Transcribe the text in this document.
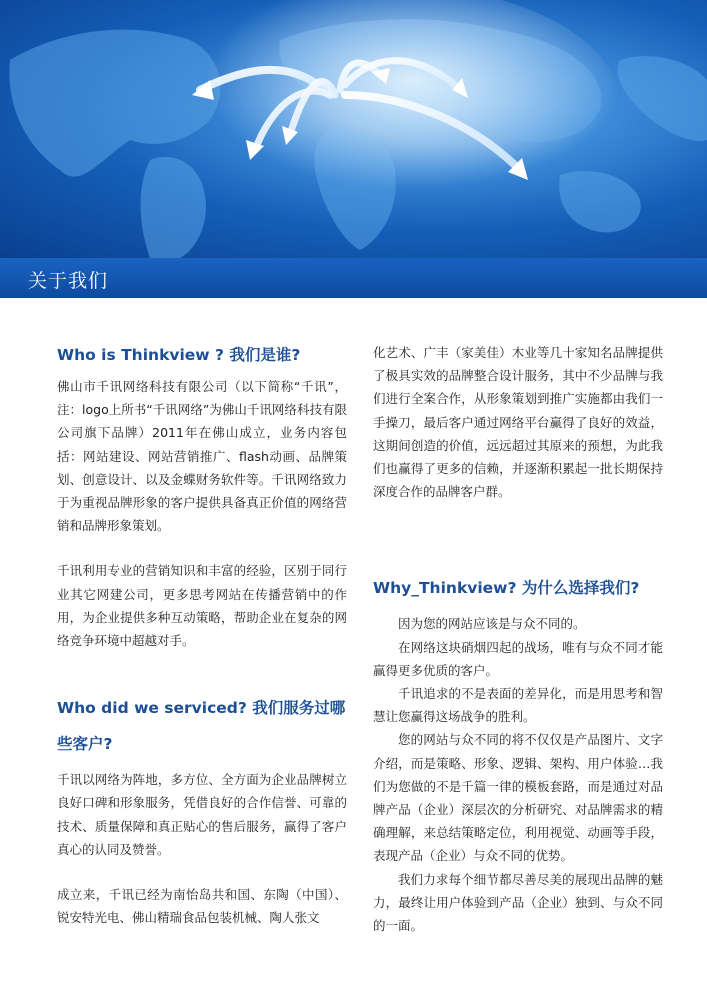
关于我们
Who is Thinkview ? 我们是谁?

佛山市千讯网络科技有限公司（以下简称“千讯”，注：logo上所书“千讯网络”为佛山千讯网络科技有限公司旗下品牌）2011年在佛山成立，业务内容包括：网站建设、网站营销推广、flash动画、品牌策划、创意设计、以及金蝶财务软件等。千讯网络致力于为重视品牌形象的客户提供具备真正价值的网络营销和品牌形象策划。

千讯利用专业的营销知识和丰富的经验，区别于同行业其它网建公司，更多思考网站在传播营销中的作用，为企业提供多种互动策略，帮助企业在复杂的网络竞争环境中超越对手。

Who did we serviced? 我们服务过哪些客户?

千讯以网络为阵地，多方位、全方面为企业品牌树立良好口碑和形象服务，凭借良好的合作信誉、可靠的技术、质量保障和真正贴心的售后服务，赢得了客户真心的认同及赞誉。

成立来，千讯已经为南怡岛共和国、东陶（中国）、锐安特光电、佛山精瑞食品包装机械、陶人张文

化艺术、广丰（家美佳）木业等几十家知名品牌提供了极具实效的品牌整合设计服务，其中不少品牌与我们进行全案合作，从形象策划到推广实施都由我们一手操刀，最后客户通过网络平台赢得了良好的效益，这期间创造的价值，远远超过其原来的预想，为此我们也赢得了更多的信赖，并逐渐积累起一批长期保持深度合作的品牌客户群。

Why_Thinkview? 为什么选择我们?

因为您的网站应该是与众不同的。

在网络这块硝烟四起的战场，唯有与众不同才能赢得更多优质的客户。

千讯追求的不是表面的差异化，而是用思考和智慧让您赢得这场战争的胜利。

您的网站与众不同的将不仅仅是产品图片、文字介绍，而是策略、形象、逻辑、架构、用户体验…我们为您做的不是千篇一律的模板套路，而是通过对品牌产品（企业）深层次的分析研究、对品牌需求的精确理解，来总结策略定位，利用视觉、动画等手段，表现产品（企业）与众不同的优势。

我们力求每个细节都尽善尽美的展现出品牌的魅力，最终让用户体验到产品（企业）独到、与众不同的一面。
